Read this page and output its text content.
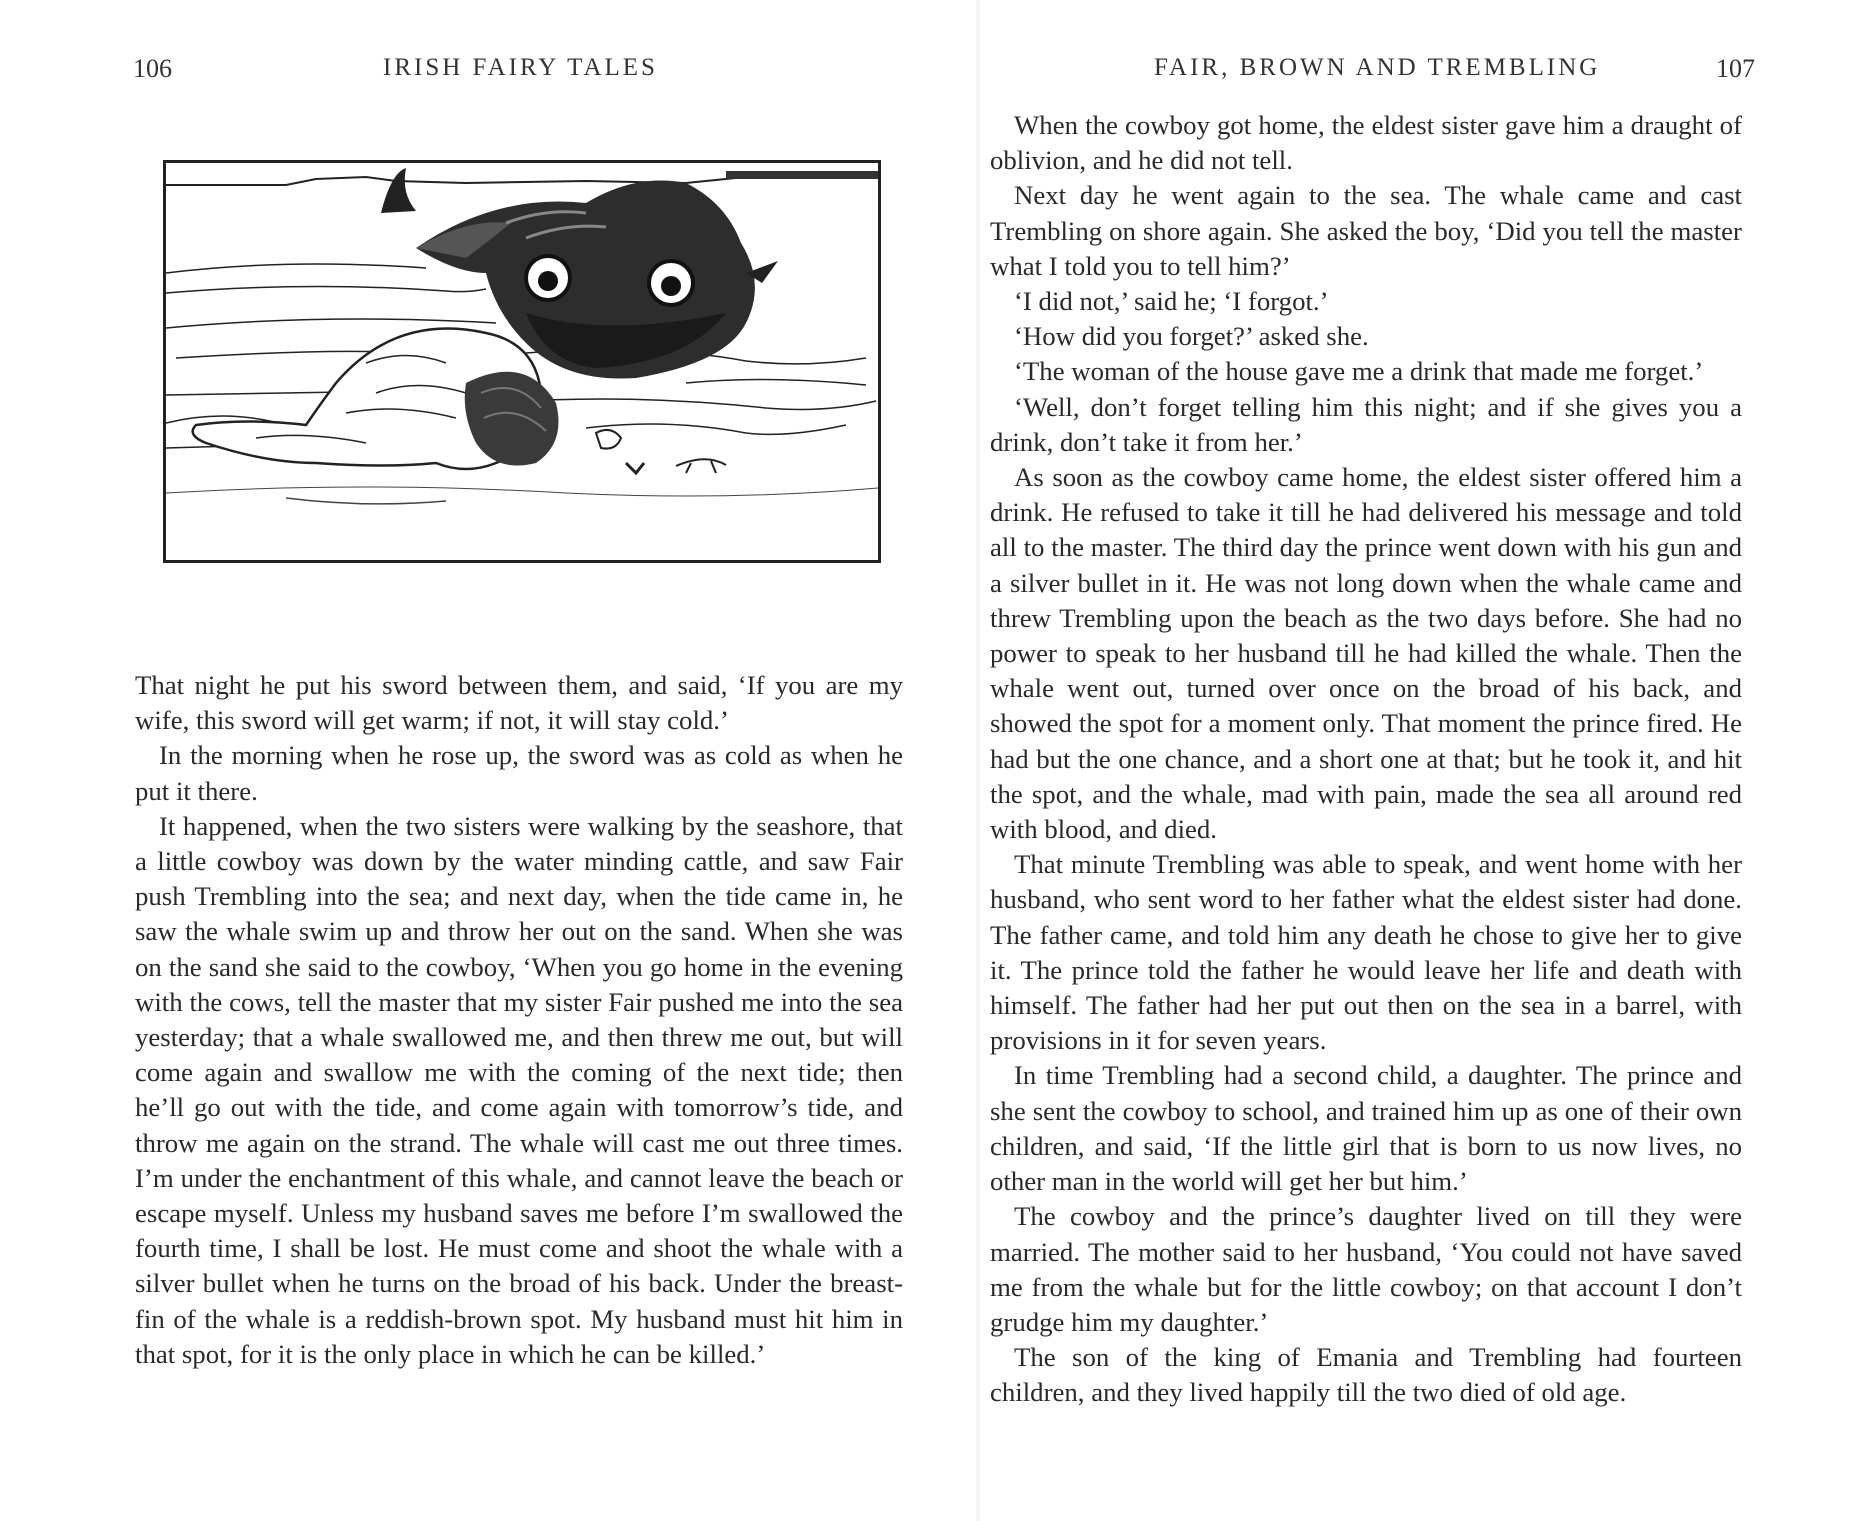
106	IRISH FAIRY TALES

That night he put his sword between them, and said, ‘If you are my wife, this sword will get warm; if not, it will stay cold.’

In the morning when he rose up, the sword was as cold as when he put it there.

It happened, when the two sisters were walking by the seashore, that a little cowboy was down by the water minding cattle, and saw Fair push Trembling into the sea; and next day, when the tide came in, he saw the whale swim up and throw her out on the sand. When she was on the sand she said to the cowboy, ‘When you go home in the evening with the cows, tell the master that my sister Fair pushed me into the sea yesterday; that a whale swallowed me, and then threw me out, but will come again and swallow me with the coming of the next tide; then he’ll go out with the tide, and come again with tomorrow’s tide, and throw me again on the strand. The whale will cast me out three times. I’m under the enchantment of this whale, and cannot leave the beach or escape myself. Unless my husband saves me before I’m swallowed the fourth time, I shall be lost. He must come and shoot the whale with a silver bullet when he turns on the broad of his back. Under the breast-fin of the whale is a reddish-brown spot. My husband must hit him in that spot, for it is the only place in which he can be killed.’

FAIR, BROWN AND TREMBLING	107

When the cowboy got home, the eldest sister gave him a draught of oblivion, and he did not tell.

Next day he went again to the sea. The whale came and cast Trembling on shore again. She asked the boy, ‘Did you tell the master what I told you to tell him?’

‘I did not,’ said he; ‘I forgot.’

‘How did you forget?’ asked she.

‘The woman of the house gave me a drink that made me forget.’

‘Well, don’t forget telling him this night; and if she gives you a drink, don’t take it from her.’

As soon as the cowboy came home, the eldest sister offered him a drink. He refused to take it till he had delivered his message and told all to the master. The third day the prince went down with his gun and a silver bullet in it. He was not long down when the whale came and threw Trembling upon the beach as the two days before. She had no power to speak to her husband till he had killed the whale. Then the whale went out, turned over once on the broad of his back, and showed the spot for a moment only. That moment the prince fired. He had but the one chance, and a short one at that; but he took it, and hit the spot, and the whale, mad with pain, made the sea all around red with blood, and died.

That minute Trembling was able to speak, and went home with her husband, who sent word to her father what the eldest sister had done. The father came, and told him any death he chose to give her to give it. The prince told the father he would leave her life and death with himself. The father had her put out then on the sea in a barrel, with provisions in it for seven years.

In time Trembling had a second child, a daughter. The prince and she sent the cowboy to school, and trained him up as one of their own children, and said, ‘If the little girl that is born to us now lives, no other man in the world will get her but him.’

The cowboy and the prince’s daughter lived on till they were married. The mother said to her husband, ‘You could not have saved me from the whale but for the little cowboy; on that account I don’t grudge him my daughter.’

The son of the king of Emania and Trembling had fourteen children, and they lived happily till the two died of old age.
